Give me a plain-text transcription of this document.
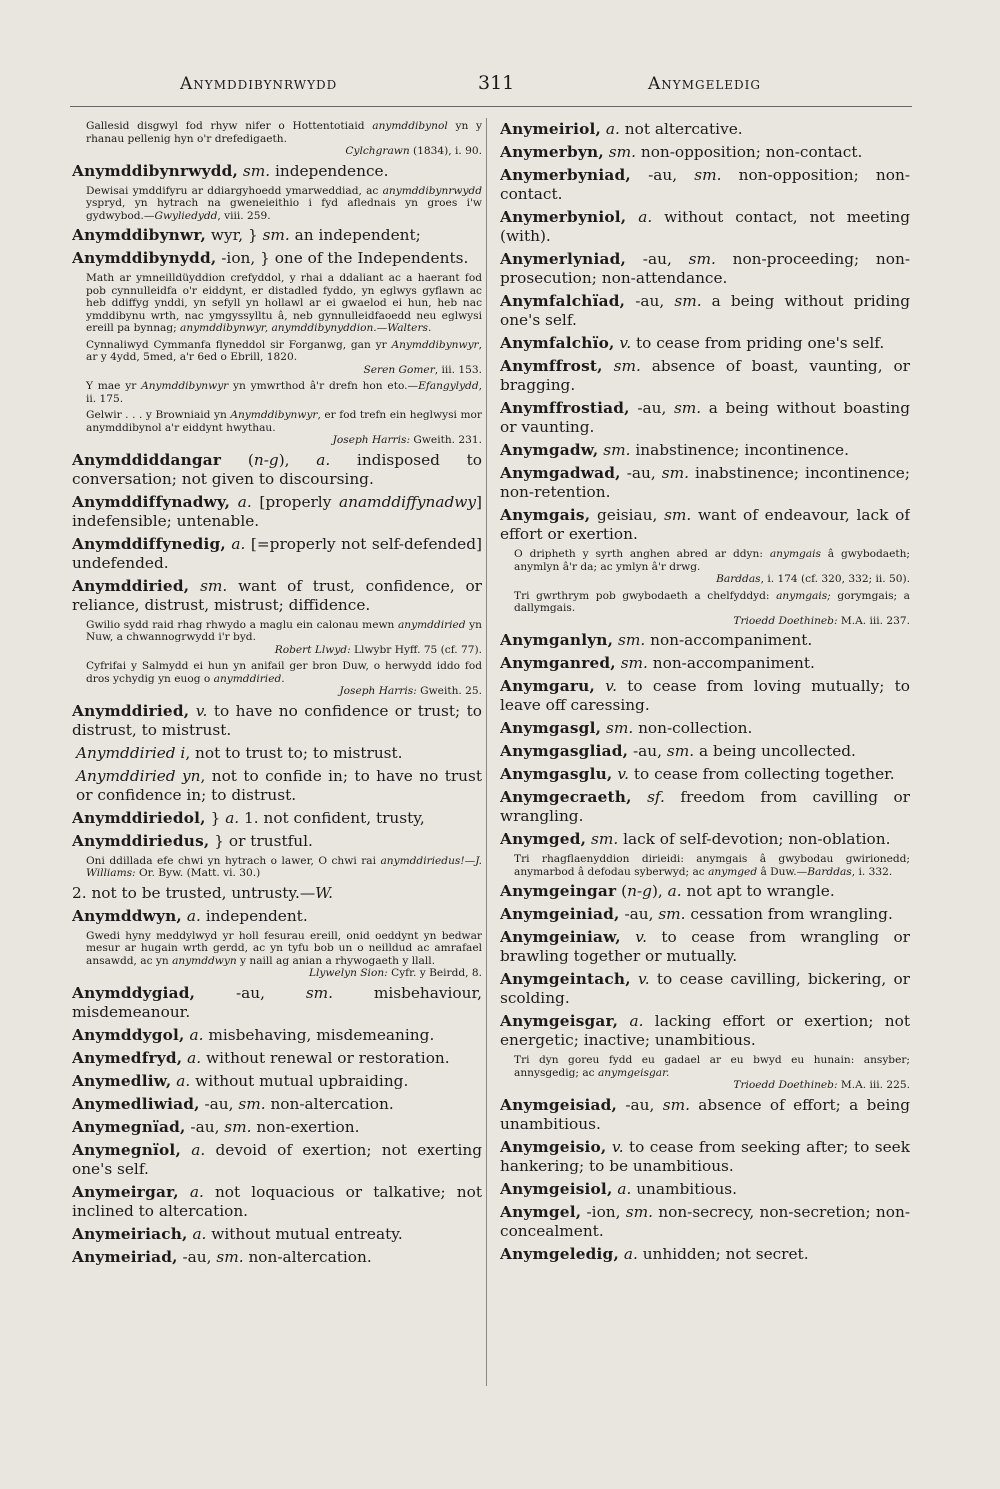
Anymddibynrwydd	311	Anymgeledig
Gallesid disgwyl fod rhyw nifer o Hottentotiaid anymddibynol yn y rhanau pellenig hyn o'r drefedigaeth.
Cylchgrawn (1834), i. 90.
Anymddibynrwydd, sm. independence.
Dewisai ymddifyru ar ddiargyhoedd ymarweddiad, ac anymddibynrwydd yspryd, yn hytrach na gweneieithio i fyd aflednais yn groes i'w gydwybod.—Gwyliedydd, viii. 259.
Anymddibynwr, wyr, } sm. an independent;
Anymddibynydd, -ion, } one of the Independents.
Math ar ymneilldüyddion crefyddol, y rhai a ddaliant ac a haerant fod pob cynnulleidfa o'r eiddynt, er distadled fyddo, yn eglwys gyflawn ac heb ddiffyg ynddi, yn sefyll yn hollawl ar ei gwaelod ei hun, heb nac ymddibynu wrth, nac ymgyssylltu â, neb gynnulleidfaoedd neu eglwysi ereill pa bynnag; anymddibynwyr, anymddibynyddion.—Walters.
Cynnaliwyd Cymmanfa flyneddol sir Forganwg, gan yr Anymddibynwyr, ar y 4ydd, 5med, a'r 6ed o Ebrill, 1820.
Seren Gomer, iii. 153.
Y mae yr Anymddibynwyr yn ymwrthod â'r drefn hon eto.—Efangylydd, ii. 175.
Gelwir . . . y Browniaid yn Anymddibynwyr, er fod trefn ein heglwysi mor anymddibynol a'r eiddynt hwythau.
Joseph Harris: Gweith. 231.
Anymddiddangar (n-g), a. indisposed to conversation; not given to discoursing.
Anymddiffynadwy, a. [properly anamddiffynadwy] indefensible; untenable.
Anymddiffynedig, a. [=properly not self-defended] undefended.
Anymddiried, sm. want of trust, confidence, or reliance, distrust, mistrust; diffidence.
Gwilio sydd raid rhag rhwydo a maglu ein calonau mewn anymddiried yn Nuw, a chwannogrwydd i'r byd.
Robert Llwyd: Llwybr Hyff. 75 (cf. 77).
Cyfrifai y Salmydd ei hun yn anifail ger bron Duw, o herwydd iddo fod dros ychydig yn euog o anymddiried.
Joseph Harris: Gweith. 25.
Anymddiried, v. to have no confidence or trust; to distrust, to mistrust.
Anymddiried i, not to trust to; to mistrust.
Anymddiried yn, not to confide in; to have no trust or confidence in; to distrust.
Anymddiriedol, } a. 1. not confident, trusty,
Anymddiriedus, } or trustful.
Oni ddillada efe chwi yn hytrach o lawer, O chwi rai anymddiriedus!—J. Williams: Or. Byw. (Matt. vi. 30.)
2. not to be trusted, untrusty.—W.
Anymddwyn, a. independent.
Gwedi hyny meddylwyd yr holl fesurau ereill, onid oeddynt yn bedwar mesur ar hugain wrth gerdd, ac yn tyfu bob un o neilldud ac amrafael ansawdd, ac yn anymddwyn y naill ag anian a rhywogaeth y llall.
Llywelyn Sion: Cyfr. y Beirdd, 8.
Anymddygiad, -au, sm. misbehaviour, misdemeanour.
Anymddygol, a. misbehaving, misdemeaning.
Anymedfryd, a. without renewal or restoration.
Anymedliw, a. without mutual upbraiding.
Anymedliwiad, -au, sm. non-altercation.
Anymegnïad, -au, sm. non-exertion.
Anymegnïol, a. devoid of exertion; not exerting one's self.
Anymeirgar, a. not loquacious or talkative; not inclined to altercation.
Anymeiriach, a. without mutual entreaty.
Anymeiriad, -au, sm. non-altercation.
Anymeiriol, a. not altercative.
Anymerbyn, sm. non-opposition; non-contact.
Anymerbyniad, -au, sm. non-opposition; non-contact.
Anymerbyniol, a. without contact, not meeting (with).
Anymerlyniad, -au, sm. non-proceeding; non-prosecution; non-attendance.
Anymfalchïad, -au, sm. a being without priding one's self.
Anymfalchïo, v. to cease from priding one's self.
Anymffrost, sm. absence of boast, vaunting, or bragging.
Anymffrostiad, -au, sm. a being without boasting or vaunting.
Anymgadw, sm. inabstinence; incontinence.
Anymgadwad, -au, sm. inabstinence; incontinence; non-retention.
Anymgais, geisiau, sm. want of endeavour, lack of effort or exertion.
O dripheth y syrth anghen abred ar ddyn: anymgais â gwybodaeth; anymlyn â'r da; ac ymlyn â'r drwg.
Barddas, i. 174 (cf. 320, 332; ii. 50).
Tri gwrthrym pob gwybodaeth a chelfyddyd: anymgais; gorymgais; a dallymgais.
Trioedd Doethineb: M.A. iii. 237.
Anymganlyn, sm. non-accompaniment.
Anymganred, sm. non-accompaniment.
Anymgaru, v. to cease from loving mutually; to leave off caressing.
Anymgasgl, sm. non-collection.
Anymgasgliad, -au, sm. a being uncollected.
Anymgasglu, v. to cease from collecting together.
Anymgecraeth, sf. freedom from cavilling or wrangling.
Anymged, sm. lack of self-devotion; non-oblation.
Tri rhagflaenyddion dirieidi: anymgais â gwybodau gwirionedd; anymarbod â defodau syberwyd; ac anymged â Duw.—Barddas, i. 332.
Anymgeingar (n-g), a. not apt to wrangle.
Anymgeiniad, -au, sm. cessation from wrangling.
Anymgeiniaw, v. to cease from wrangling or brawling together or mutually.
Anymgeintach, v. to cease cavilling, bickering, or scolding.
Anymgeisgar, a. lacking effort or exertion; not energetic; inactive; unambitious.
Tri dyn goreu fydd eu gadael ar eu bwyd eu hunain: ansyber; annysgedig; ac anymgeisgar.
Trioedd Doethineb: M.A. iii. 225.
Anymgeisiad, -au, sm. absence of effort; a being unambitious.
Anymgeisio, v. to cease from seeking after; to seek hankering; to be unambitious.
Anymgeisiol, a. unambitious.
Anymgel, -ion, sm. non-secrecy, non-secretion; non-concealment.
Anymgeledig, a. unhidden; not secret.
